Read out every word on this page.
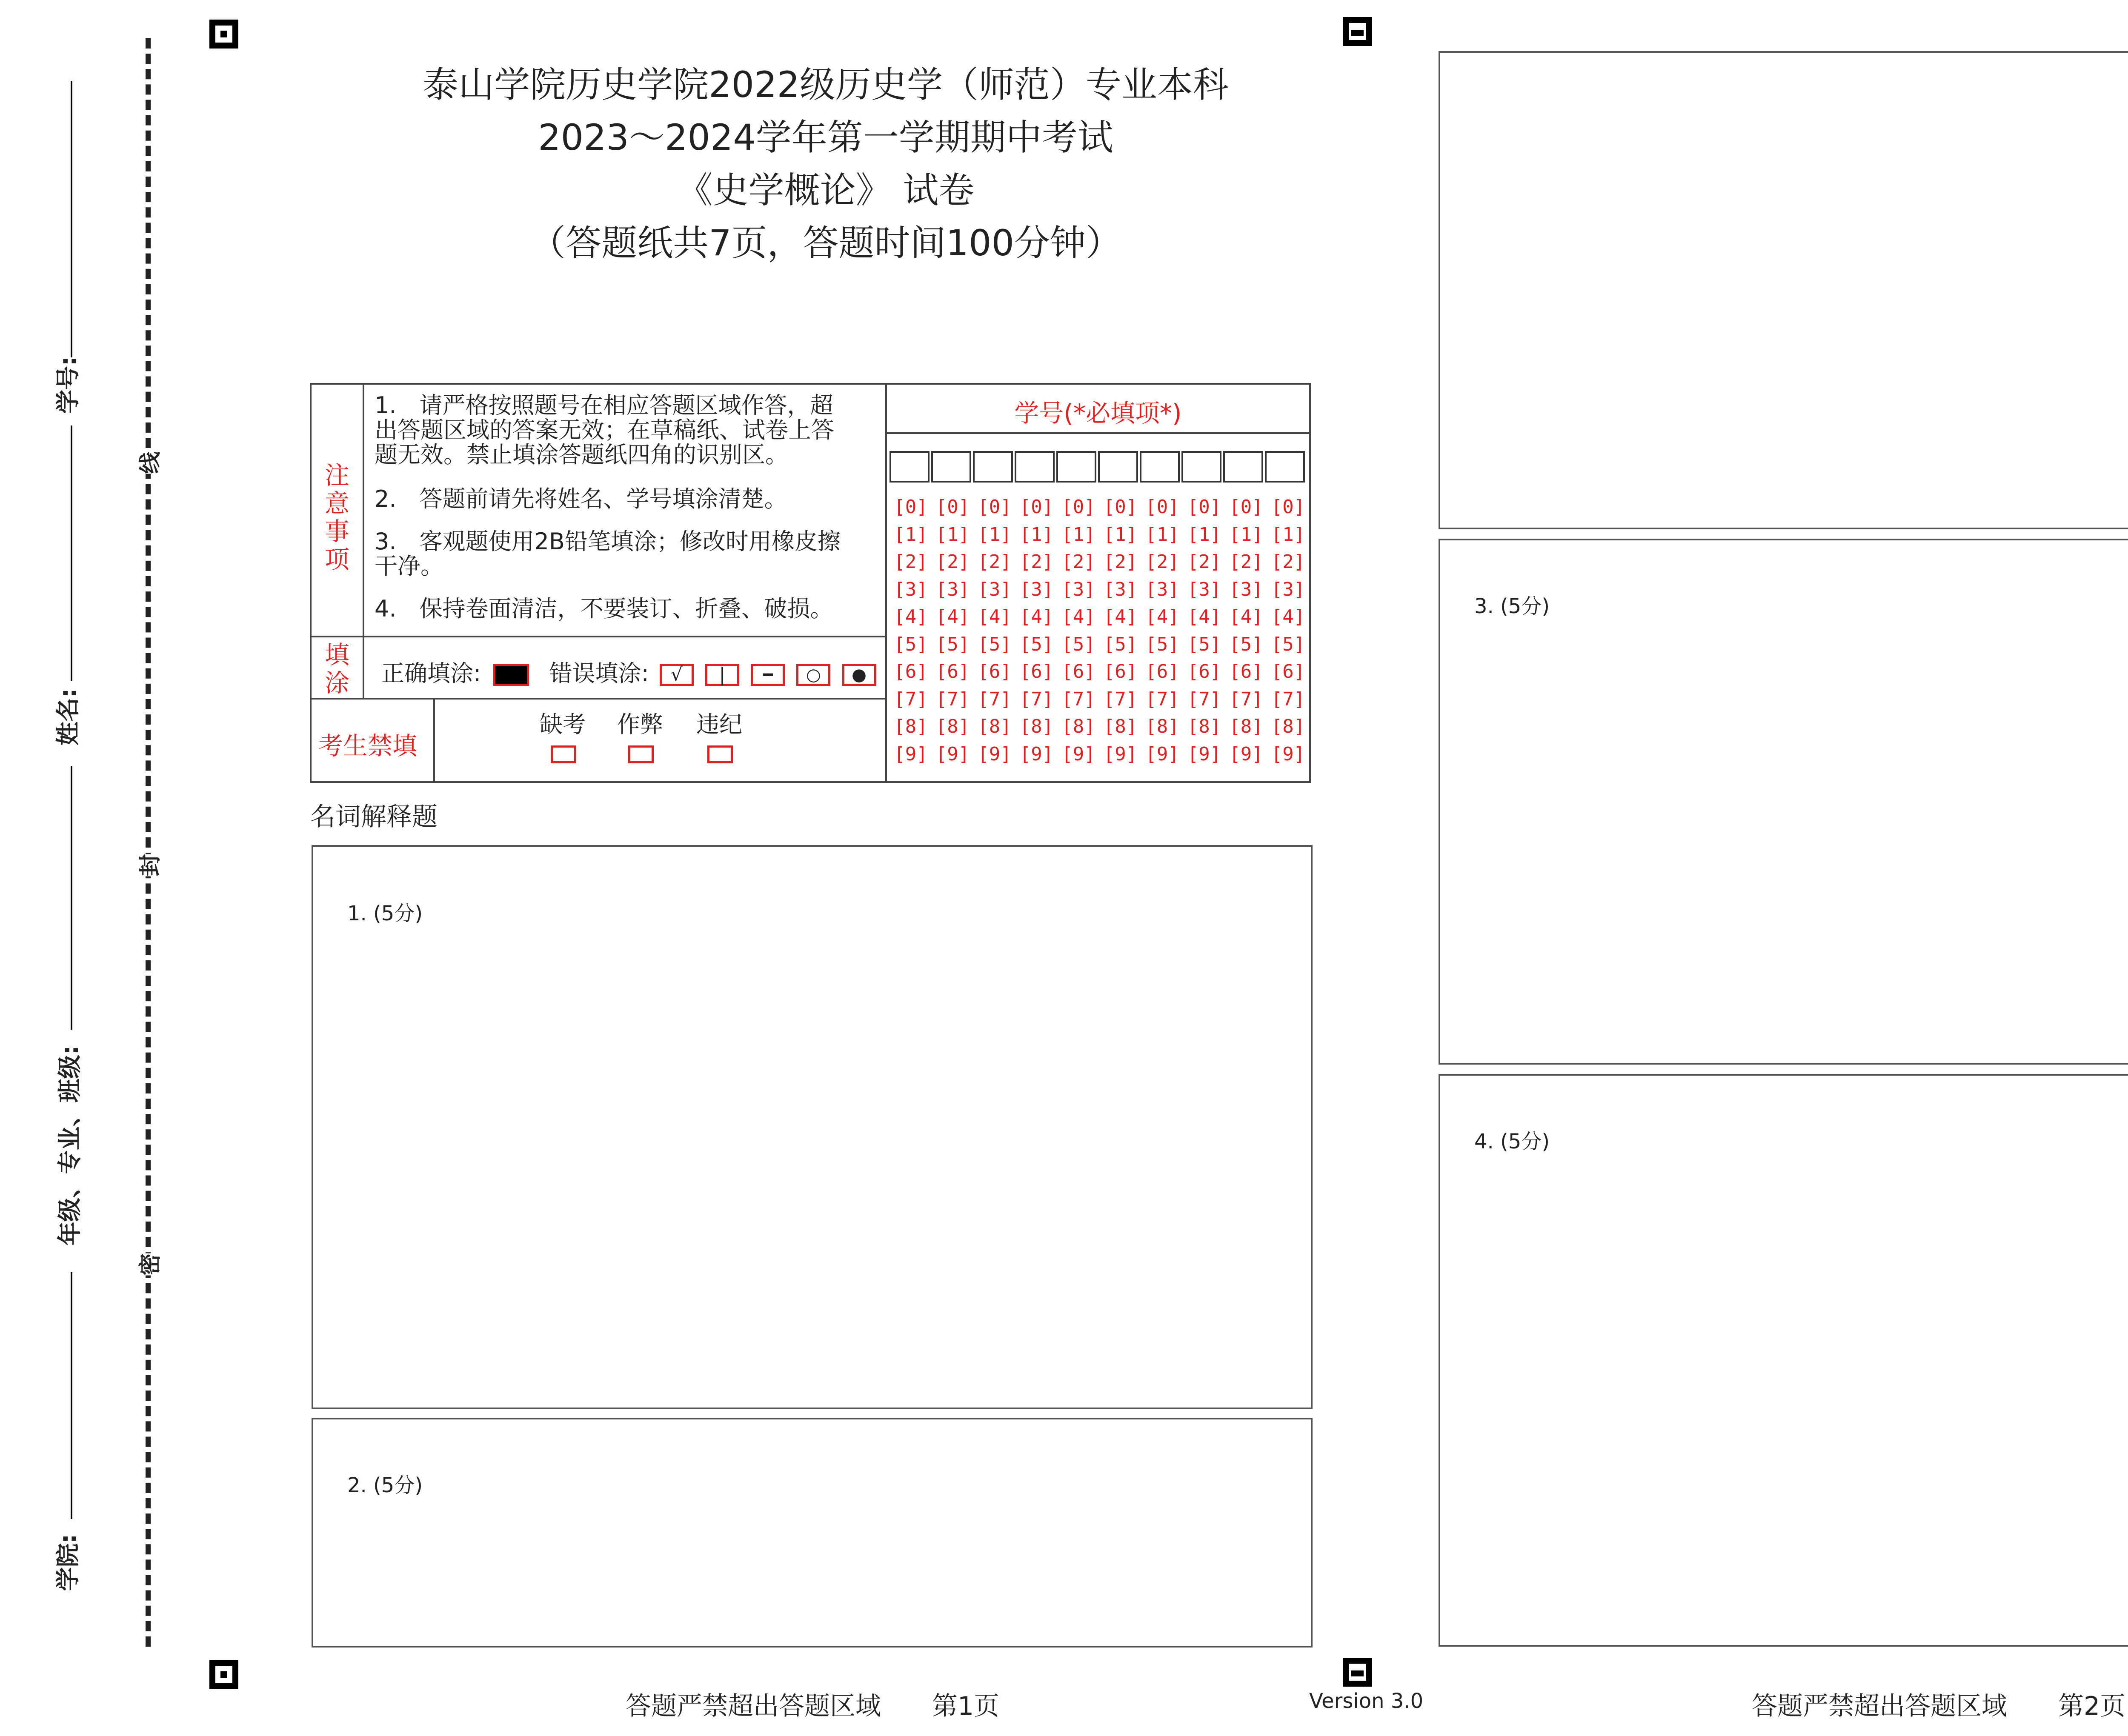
学号:
姓名:
年级、专业、班级:
学院:
线
封
密
泰山学院历史学院2022级历史学（师范）专业本科
2023～2024学年第一学期期中考试
《史学概论》 试卷
（答题纸共7页，答题时间100分钟）
注意事项
1.　请严格按照题号在相应答题区域作答，超出答题区域的答案无效；在草稿纸、试卷上答题无效。禁止填涂答题纸四角的识别区。
2.　答题前请先将姓名、学号填涂清楚。
3.　客观题使用2B铅笔填涂；修改时用橡皮擦干净。
4.　保持卷面清洁，不要装订、折叠、破损。
填涂 正确填涂:	错误填涂: √ | ━ ○ ●
考生禁填
缺考 作弊 违纪
学号(*必填项*)
[0] [0] [0] [0] [0] [0] [0] [0] [0] [0]
[1] [1] [1] [1] [1] [1] [1] [1] [1] [1]
[2] [2] [2] [2] [2] [2] [2] [2] [2] [2]
[3] [3] [3] [3] [3] [3] [3] [3] [3] [3]
[4] [4] [4] [4] [4] [4] [4] [4] [4] [4]
[5] [5] [5] [5] [5] [5] [5] [5] [5] [5]
[6] [6] [6] [6] [6] [6] [6] [6] [6] [6]
[7] [7] [7] [7] [7] [7] [7] [7] [7] [7]
[8] [8] [8] [8] [8] [8] [8] [8] [8] [8]
[9] [9] [9] [9] [9] [9] [9] [9] [9] [9]
名词解释题
1. (5分)
2. (5分)
3. (5分)
4. (5分)
答题严禁超出答题区域　　第1页	Version 3.0	答题严禁超出答题区域　　第2页
